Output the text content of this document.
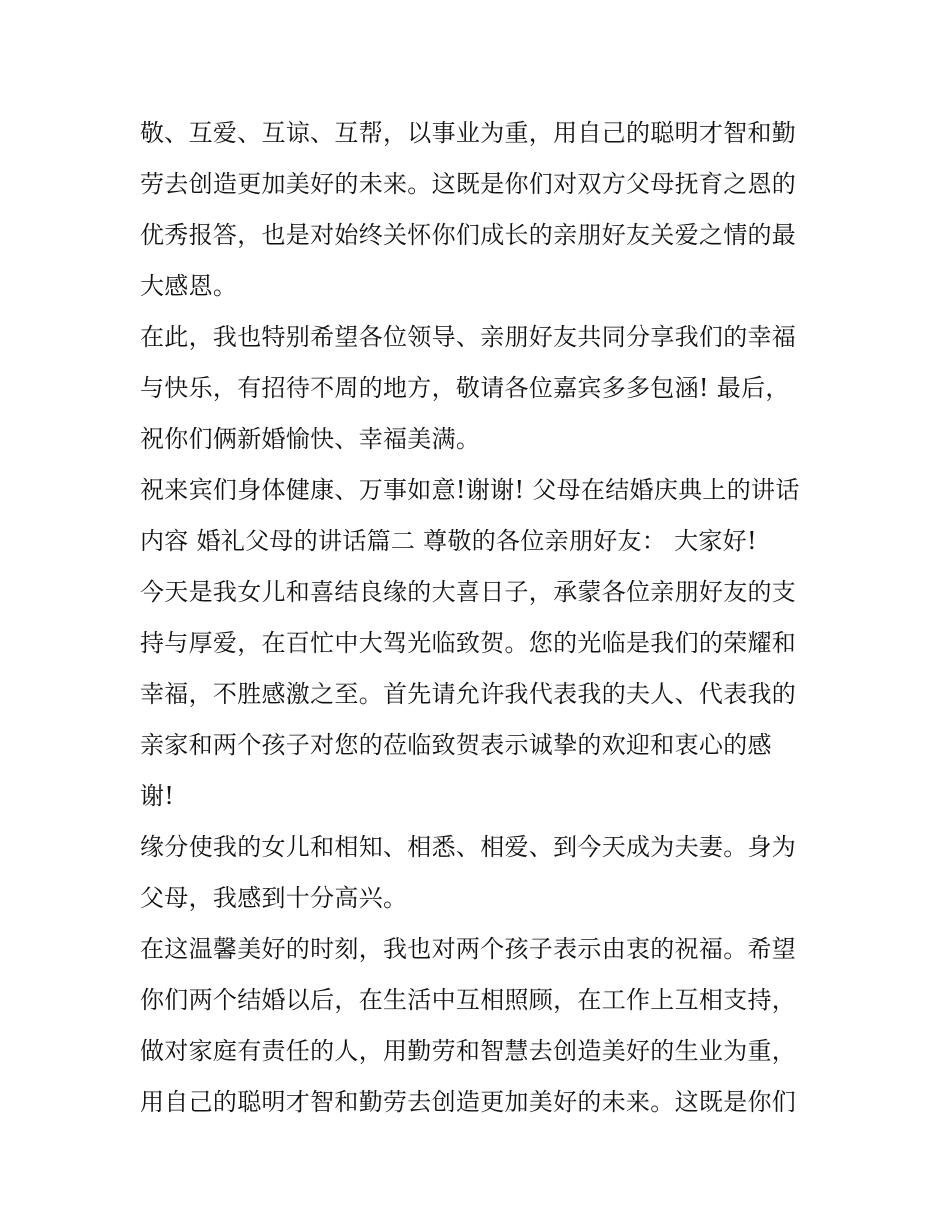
敬、互爱、互谅、互帮，以事业为重，用自己的聪明才智和勤
劳去创造更加美好的未来。这既是你们对双方父母抚育之恩的
优秀报答，也是对始终关怀你们成长的亲朋好友关爱之情的最
大感恩。
在此，我也特别希望各位领导、亲朋好友共同分享我们的幸福
与快乐，有招待不周的地方，敬请各位嘉宾多多包涵! 最后，
祝你们俩新婚愉快、幸福美满。
祝来宾们身体健康、万事如意!谢谢! 父母在结婚庆典上的讲话
内容 婚礼父母的讲话篇二 尊敬的各位亲朋好友： 大家好!
今天是我女儿和喜结良缘的大喜日子，承蒙各位亲朋好友的支
持与厚爱，在百忙中大驾光临致贺。您的光临是我们的荣耀和
幸福，不胜感激之至。首先请允许我代表我的夫人、代表我的
亲家和两个孩子对您的莅临致贺表示诚挚的欢迎和衷心的感
谢!
缘分使我的女儿和相知、相悉、相爱、到今天成为夫妻。身为
父母，我感到十分高兴。
在这温馨美好的时刻，我也对两个孩子表示由衷的祝福。希望
你们两个结婚以后，在生活中互相照顾，在工作上互相支持，
做对家庭有责任的人，用勤劳和智慧去创造美好的生业为重，
用自己的聪明才智和勤劳去创造更加美好的未来。这既是你们
